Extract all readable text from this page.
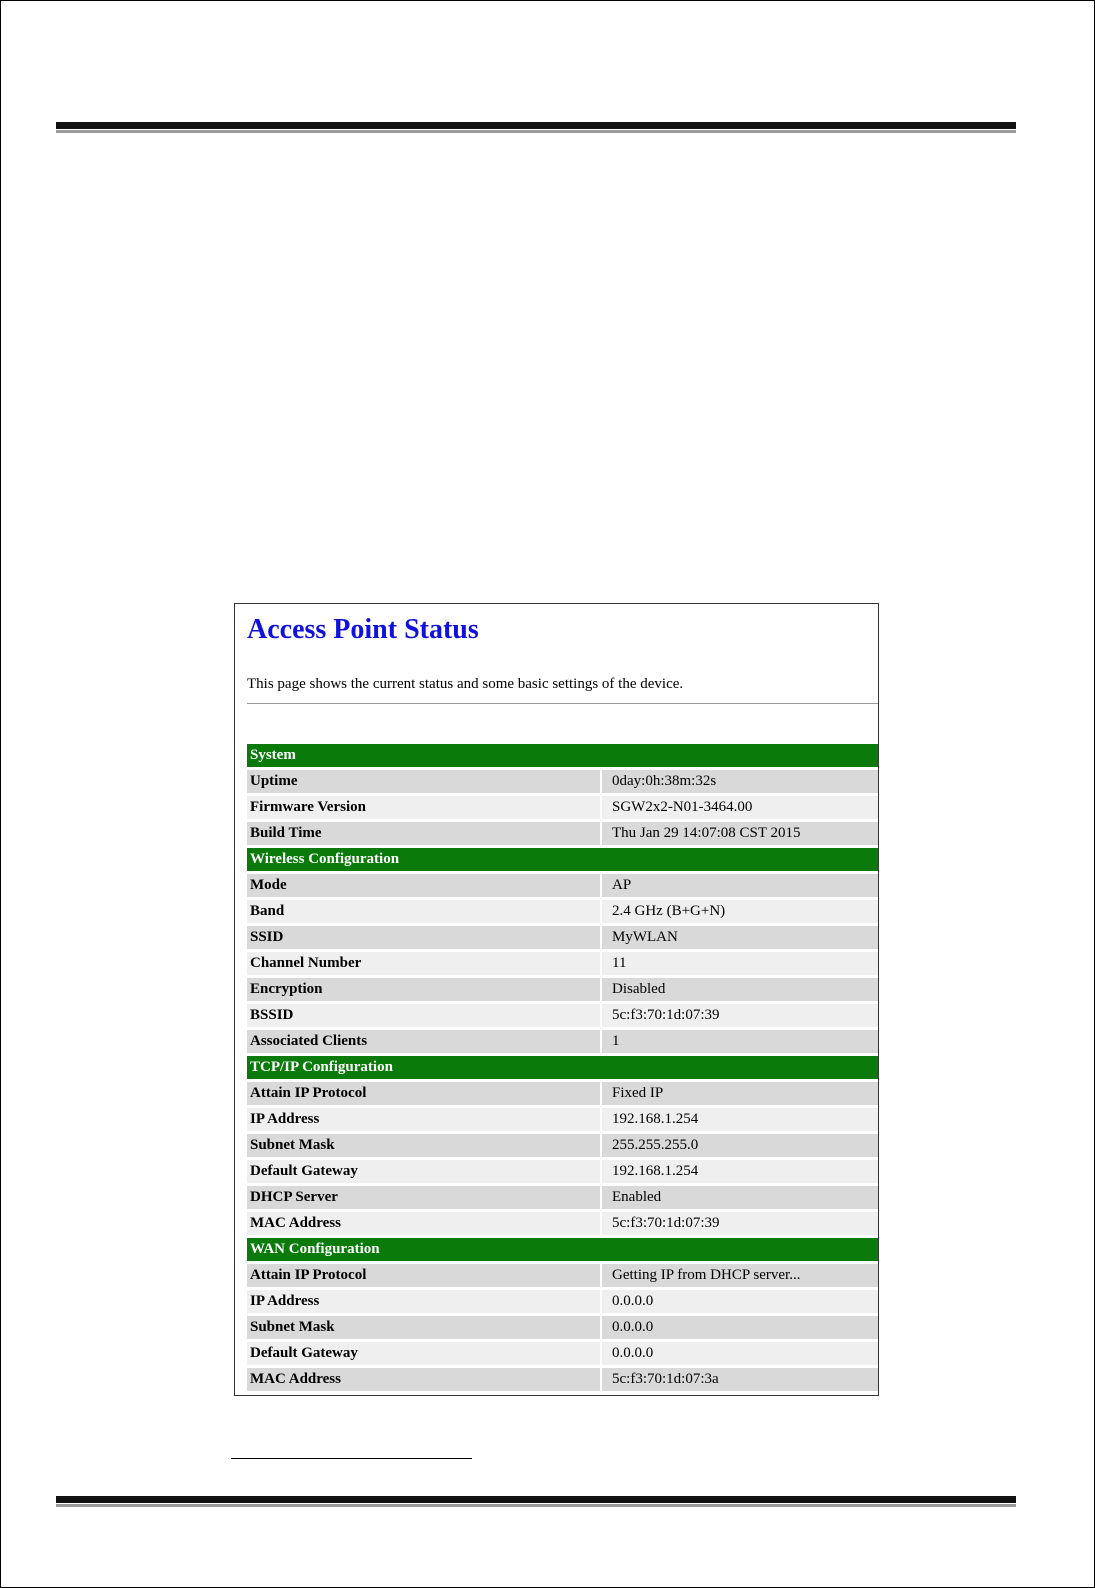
Access Point Status
This page shows the current status and some basic settings of the device.
System
Uptime	0day:0h:38m:32s
Firmware Version	SGW2x2-N01-3464.00
Build Time	Thu Jan 29 14:07:08 CST 2015
Wireless Configuration
Mode	AP
Band	2.4 GHz (B+G+N)
SSID	MyWLAN
Channel Number	11
Encryption	Disabled
BSSID	5c:f3:70:1d:07:39
Associated Clients	1
TCP/IP Configuration
Attain IP Protocol	Fixed IP
IP Address	192.168.1.254
Subnet Mask	255.255.255.0
Default Gateway	192.168.1.254
DHCP Server	Enabled
MAC Address	5c:f3:70:1d:07:39
WAN Configuration
Attain IP Protocol	Getting IP from DHCP server...
IP Address	0.0.0.0
Subnet Mask	0.0.0.0
Default Gateway	0.0.0.0
MAC Address	5c:f3:70:1d:07:3a
